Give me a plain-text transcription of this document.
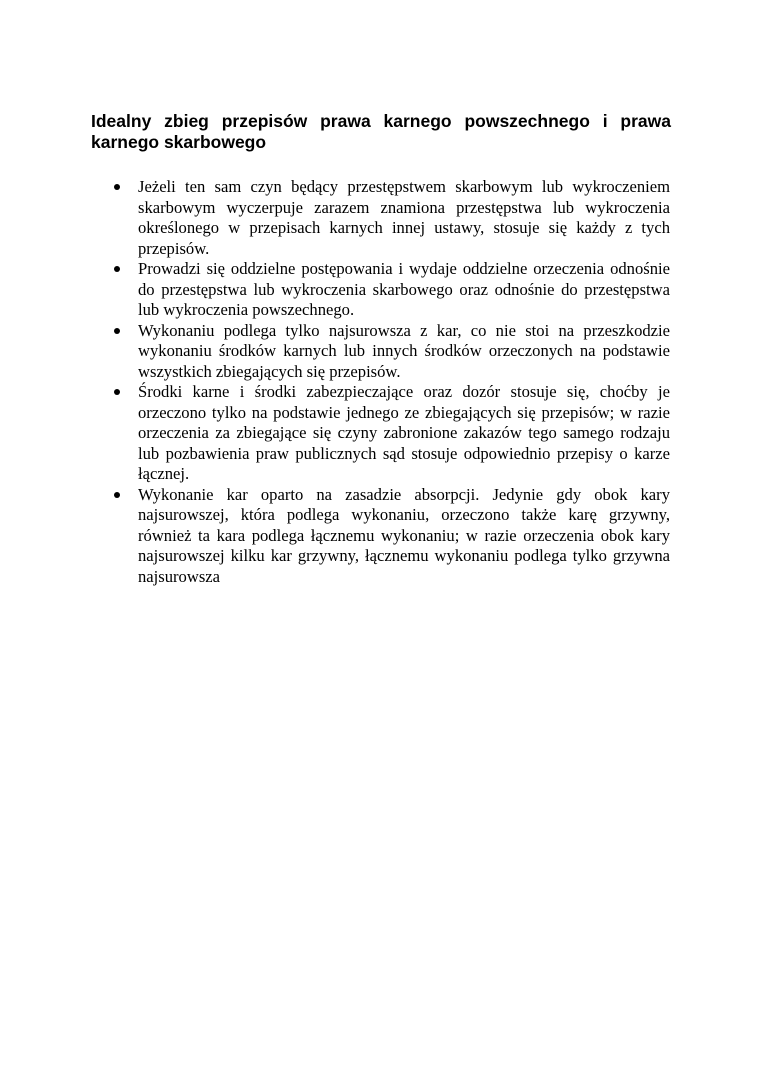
Idealny zbieg przepisów prawa karnego powszechnego i prawa karnego skarbowego
Jeżeli ten sam czyn będący przestępstwem skarbowym lub wykroczeniem skarbowym wyczerpuje zarazem znamiona przestępstwa lub wykroczenia określonego w przepisach karnych innej ustawy, stosuje się każdy z tych przepisów.
Prowadzi się oddzielne postępowania i wydaje oddzielne orzeczenia odnośnie do przestępstwa lub wykroczenia skarbowego oraz odnośnie do przestępstwa lub wykroczenia powszechnego.
Wykonaniu podlega tylko najsurowsza z kar, co nie stoi na przeszkodzie wykonaniu środków karnych lub innych środków orzeczonych na podstawie wszystkich zbiegających się przepisów.
Środki karne i środki zabezpieczające oraz dozór stosuje się, choćby je orzeczono tylko na podstawie jednego ze zbiegających się przepisów; w razie orzeczenia za zbiegające się czyny zabronione zakazów tego samego rodzaju lub pozbawienia praw publicznych sąd stosuje odpowiednio przepisy o karze łącznej.
Wykonanie kar oparto na zasadzie absorpcji. Jedynie gdy obok kary najsurowszej, która podlega wykonaniu, orzeczono także karę grzywny, również ta kara podlega łącznemu wykonaniu; w razie orzeczenia obok kary najsurowszej kilku kar grzywny, łącznemu wykonaniu podlega tylko grzywna najsurowsza
